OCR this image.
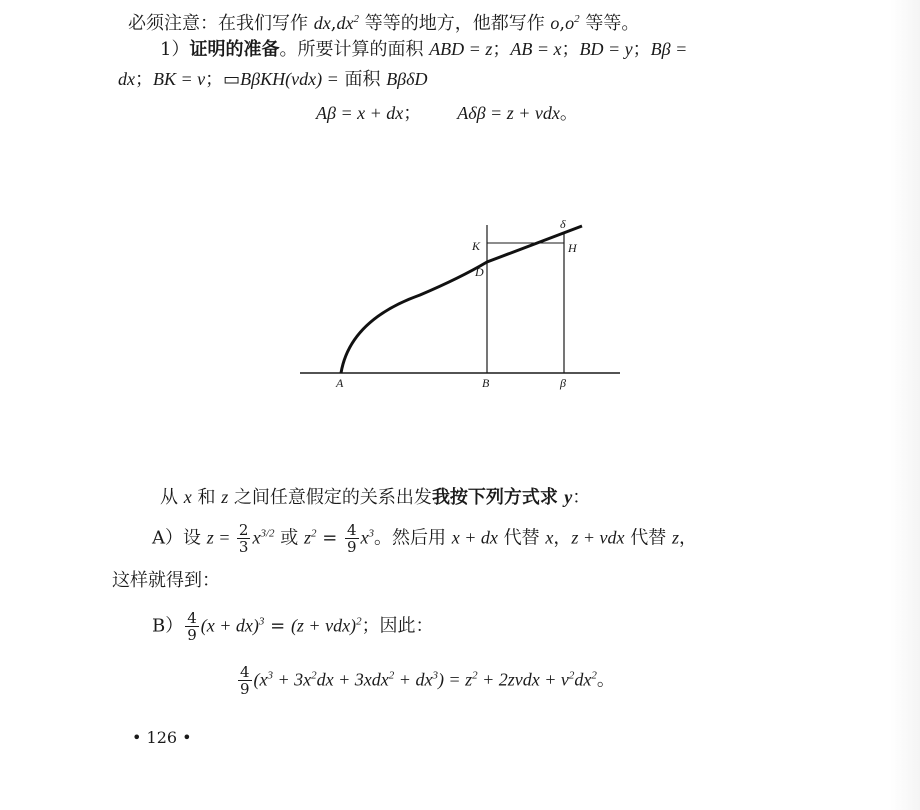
必须注意：在我们写作 $dx,dx^2$ 等等的地方，他都写作 $o,o^2$ 等等。
1）证明的准备。所要计算的面积 ABD = z；AB = x；BD = y；Bβ =
dx；BK = v；▭BβKH(vdx) = 面积 BβδD
Aβ = x + dx； Aδβ = z + vdx。
A	B	β
K
D
H
δ
从 x 和 z 之间任意假定的关系出发我按下列方式求 y：
A）设 $z = \frac{2}{3} x^{3/2}$ 或 $z^2 = \frac{4}{9} x^3$。然后用 x + dx 代替 x，z + vdx 代替 z，
这样就得到：
$B) \frac{4}{9} (x + dx)^3 = (z + vdx)^2$；因此：
$\frac{4}{9} (x^3 + 3x^2dx + 3xdx^2 + dx^3) = z^2$ + 2zvdx + $v^2dx^2$。
• 126 •
